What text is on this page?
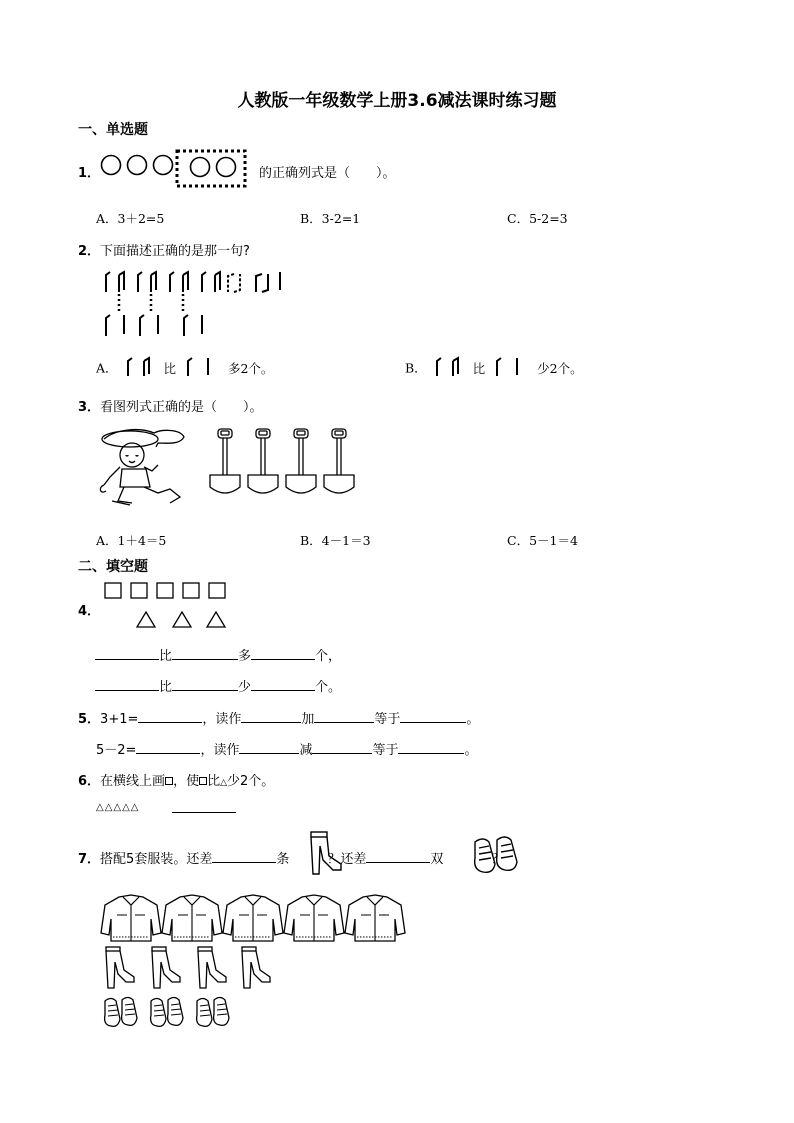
人教版一年级数学上册3.6减法课时练习题
一、单选题
1．	的正确列式是（　　）。
A．3＋2=5	B．3-2=1	C．5-2=3
2．下面描述正确的是那一句?
A．	比	多2个。	B．	比	少2个。
3．看图列式正确的是（　　）。
A．1＋4＝5	B．4－1＝3	C．5－1＝4
二、填空题
4．
比	多	个，
比	少	个。
5．3+1=	，读作	加	等于	。
5－2=	，读作	减	等于	。
6．在横线上画 ，使 比△少2个。
△△△△△
7．搭配5套服装。还差	条	？还差	双	？
